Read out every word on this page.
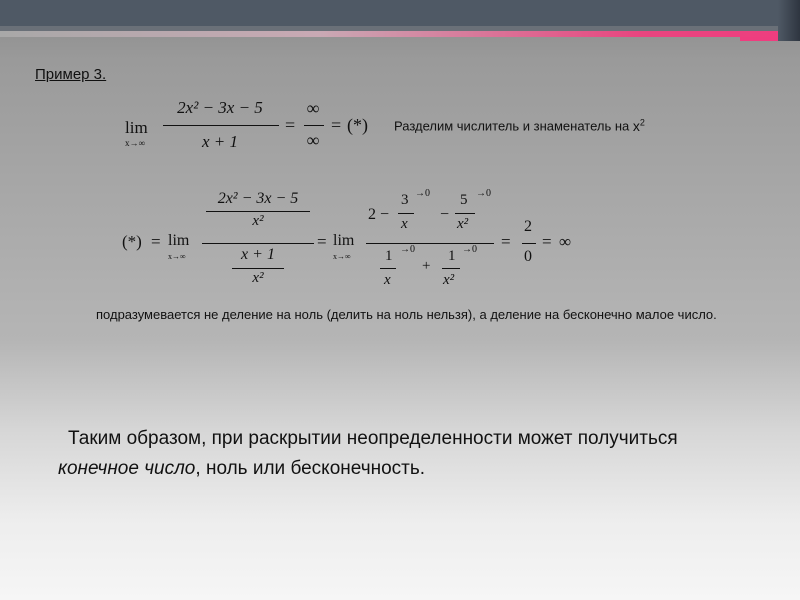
Пример 3.
lim
x→∞
2x² − 3x − 5
x + 1
=
∞
∞
= (*) Разделим числитель и знаменатель на $x^2$
(*) = lim
x→∞
2x² − 3x − 5
x²
x + 1
x²
= lim
x→∞
2 −
3
x
→0
−
5
x²
→0
1
x
→0
+
1
x²
→0 =
2
0
= ∞
подразумевается не деление на ноль (делить на ноль нельзя), а деление на бесконечно малое число.
Таким образом, при раскрытии неопределенности может получиться конечное число, ноль или бесконечность.
